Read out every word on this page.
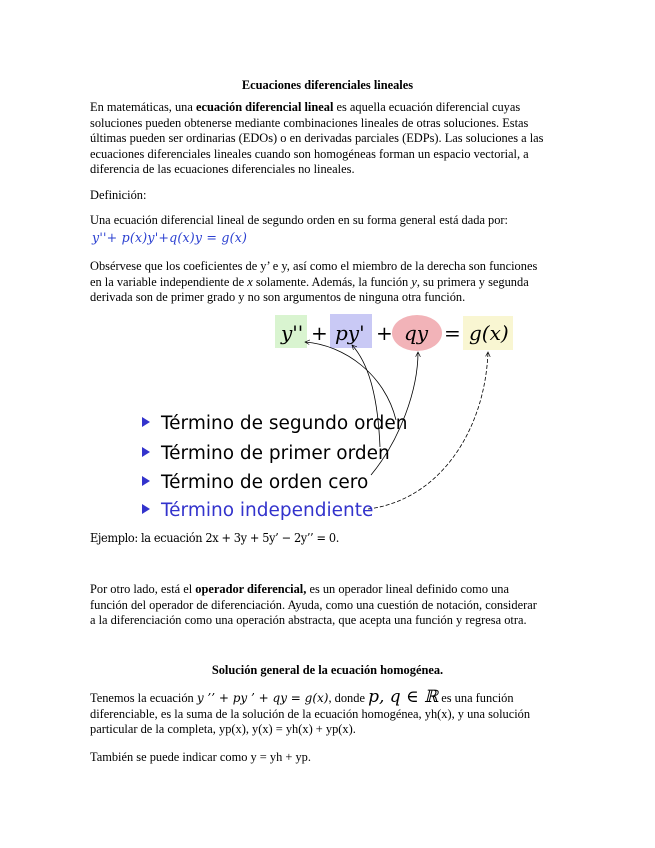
Ecuaciones diferenciales lineales
En matemáticas, una ecuación diferencial lineal es aquella ecuación diferencial cuyas
soluciones pueden obtenerse mediante combinaciones lineales de otras soluciones. Estas
últimas pueden ser ordinarias (EDOs) o en derivadas parciales (EDPs). Las soluciones a las
ecuaciones diferenciales lineales cuando son homogéneas forman un espacio vectorial, a
diferencia de las ecuaciones diferenciales no lineales.
Definición:
Una ecuación diferencial lineal de segundo orden en su forma general está dada por:
y''+ p(x)y'+q(x)y = g(x)
Obsérvese que los coeficientes de y’ e y, así como el miembro de la derecha son funciones
en la variable independiente de x solamente. Además, la función y, su primera y segunda
derivada son de primer grado y no son argumentos de ninguna otra función.
y'' + py' + qy = g(x)
Término de segundo orden
Término de primer orden
Término de orden cero
Término independiente
Ejemplo: la ecuación 2x + 3y + 5y’ − 2y’’ = 0.
Por otro lado, está el operador diferencial, es un operador lineal definido como una
función del operador de diferenciación. Ayuda, como una cuestión de notación, considerar
a la diferenciación como una operación abstracta, que acepta una función y regresa otra.
Solución general de la ecuación homogénea.
Tenemos la ecuación y ’’ + py ’ + qy = g(x), donde p, q ∈ ℝ es una función
diferenciable, es la suma de la solución de la ecuación homogénea, yh(x), y una solución
particular de la completa, yp(x), y(x) = yh(x) + yp(x).
También se puede indicar como y = yh + yp.
